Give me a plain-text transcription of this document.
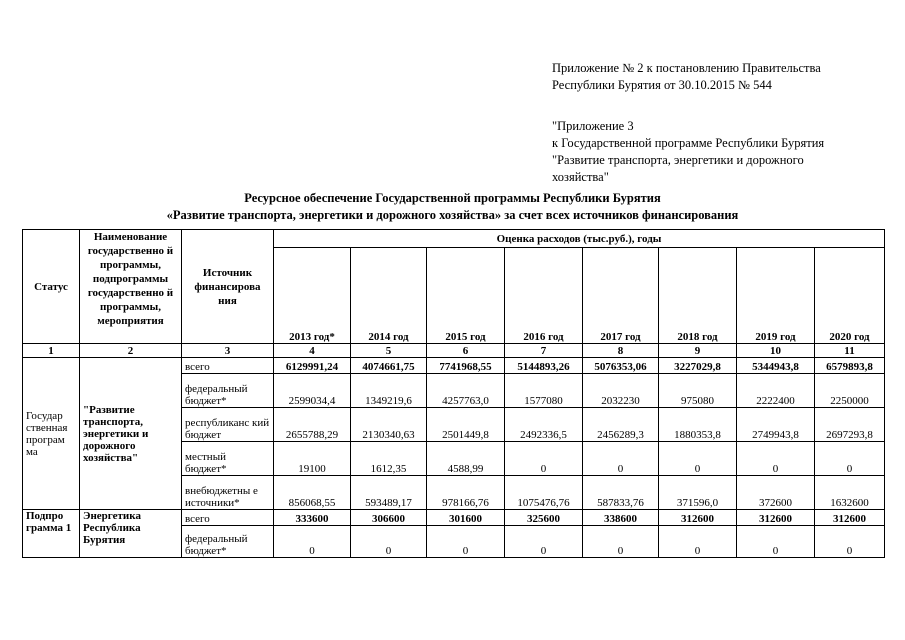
Приложение № 2 к постановлению Правительства
Республики Бурятия от 30.10.2015 № 544
"Приложение 3
к Государственной программе Республики Бурятия
"Развитие транспорта, энергетики и дорожного
хозяйства"
Ресурсное обеспечение Государственной программы Республики Бурятия
«Развитие транспорта, энергетики и дорожного хозяйства» за счет всех источников финансирования
Статус	Наименование государственно й программы, подпрограммы государственно й программы, мероприятия	Источник финансирова ния	Оценка расходов (тыс.руб.), годы							
			2013 год*	2014 год	2015 год	2016 год	2017 год	2018 год	2019 год	2020 год
1	2	3	4	5	6	7	8	9	10	11
Государ ственная програм ма	"Развитие транспорта, энергетики и дорожного хозяйства"	всего	6129991,24	4074661,75	7741968,55	5144893,26	5076353,06	3227029,8	5344943,8	6579893,8
		федеральный бюджет*	2599034,4	1349219,6	4257763,0	1577080	2032230	975080	2222400	2250000
		республиканс кий бюджет	2655788,29	2130340,63	2501449,8	2492336,5	2456289,3	1880353,8	2749943,8	2697293,8
		местный бюджет*	19100	1612,35	4588,99	0	0	0	0	0
		внебюджетны е источники*	856068,55	593489,17	978166,76	1075476,76	587833,76	371596,0	372600	1632600
Подпро грамма 1	Энергетика Республика Бурятия	всего	333600	306600	301600	325600	338600	312600	312600	312600
		федеральный бюджет*	0	0	0	0	0	0	0	0
